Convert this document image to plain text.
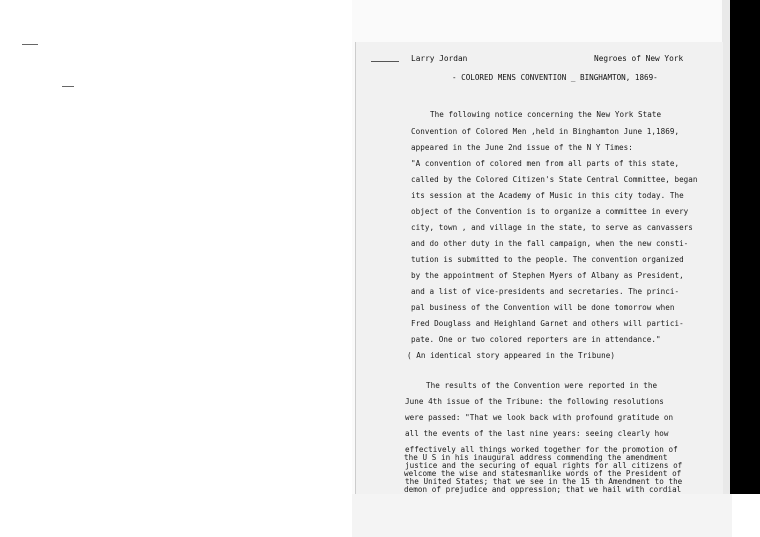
Larry Jordan	Negroes of New York
- COLORED MENS CONVENTION _ BINGHAMTON, 1869-
The following notice concerning the New York State
Convention of Colored Men ,held in Binghamton June 1,1869,
appeared in the June 2nd issue of the N Y Times:
"A convention of colored men from all parts of this state,
called by the Colored Citizen's State Central Committee, began
its session at the Academy of Music in this city today. The
object of the Convention is to organize a committee in every
city, town , and village in the state, to serve as canvassers
and do other duty in the fall campaign, when the new consti-
tution is submitted to the people. The convention organized
by the appointment of Stephen Myers of Albany as President,
and a list of vice-presidents and secretaries. The princi-
pal business of the Convention will be done tomorrow when
Fred Douglass and Heighland Garnet and others will partici-
pate. One or two colored reporters are in attendance."
( An identical story appeared in the Tribune)
The results of the Convention were reported in the
June 4th issue of the Tribune: the following resolutions
were passed: "That we look back with profound gratitude on
all the events of the last nine years: seeing clearly how
effectively all things worked together for the promotion of
justice and the securing of equal rights for all citizens of
the United States; that we see in the 15 th Amendment to the
demon of prejudice and oppression; that we hail with cordial
welcome the wise and statesmanlike words of the President of
the U S in his inaugural address commending the amendment
